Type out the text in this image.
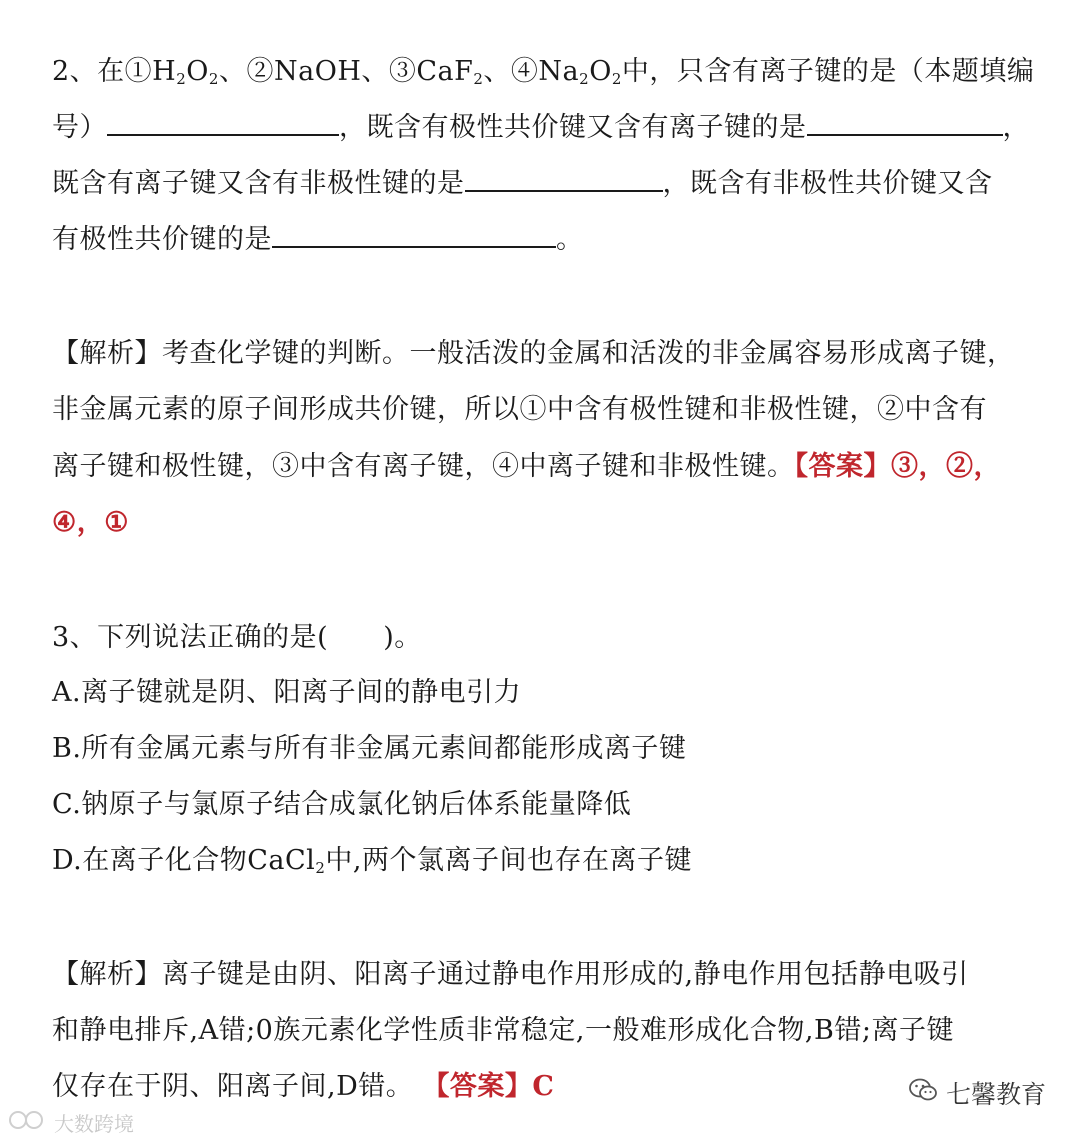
2、在$①H_2O_2$、②NaOH、③CaF$_2$、$④Na_2O_2$中，只含有离子键的是（本题填编

号）	，既含有极性共价键又含有离子键的是	，

既含有离子键又含有非极性键的是	，既含有非极性共价键又含

有极性共价键的是	。

【解析】考查化学键的判断。一般活泼的金属和活泼的非金属容易形成离子键，

非金属元素的原子间形成共价键，所以①中含有极性键和非极性键，②中含有

离子键和极性键，③中含有离子键，④中离子键和非极性键。【答案】③，②，

④，①

3、下列说法正确的是(　　)。

A.离子键就是阴、阳离子间的静电引力

B.所有金属元素与所有非金属元素间都能形成离子键

C.钠原子与氯原子结合成氯化钠后体系能量降低

D.在离子化合物CaCl$_2$中,两个氯离子间也存在离子键

【解析】离子键是由阴、阳离子通过静电作用形成的,静电作用包括静电吸引

和静电排斥,A错;0族元素化学性质非常稳定,一般难形成化合物,B错;离子键

仅存在于阴、阳离子间,D错。 【答案】C	七馨教育
大数跨境
